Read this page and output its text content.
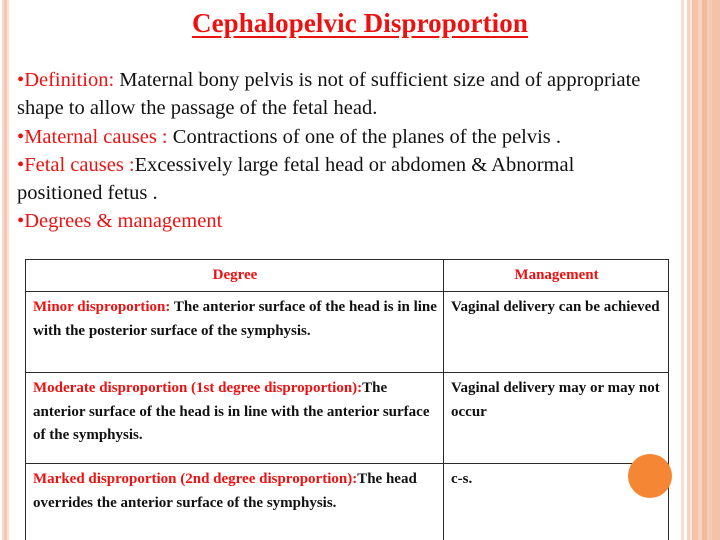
Cephalopelvic Disproportion
•Definition: Maternal bony pelvis is not of sufficient size and of appropriate shape to allow the passage of the fetal head.
•Maternal causes : Contractions of one of the planes of the pelvis .
•Fetal causes :Excessively large fetal head or abdomen & Abnormal positioned fetus .
•Degrees & management
Degree	Management
Minor disproportion: The anterior surface of the head is in line with the posterior surface of the symphysis.	Vaginal delivery can be achieved
Moderate disproportion (1st degree disproportion):The anterior surface of the head is in line with the anterior surface of the symphysis.	Vaginal delivery may or may not occur
Marked disproportion (2nd degree disproportion):The head overrides the anterior surface of the symphysis.	c-s.
